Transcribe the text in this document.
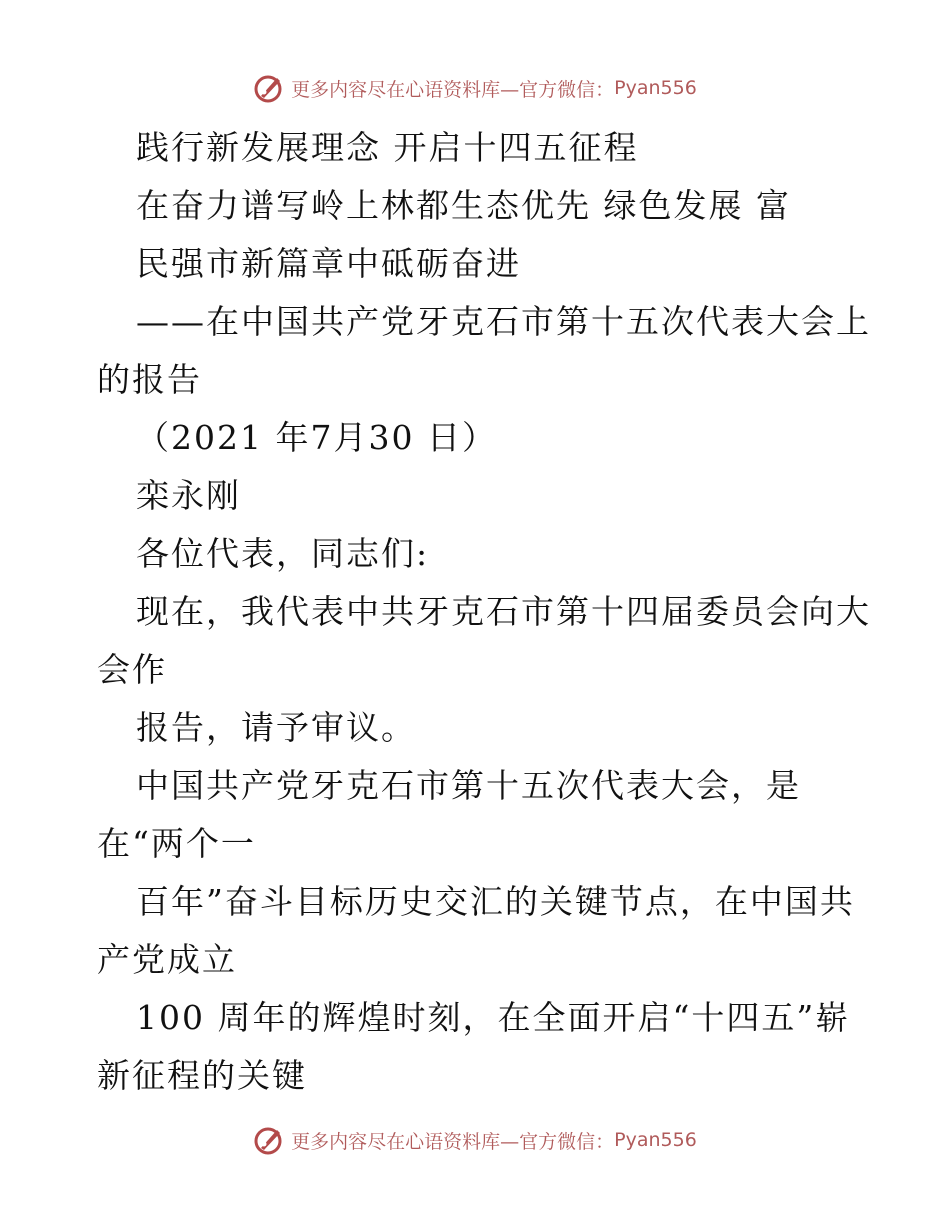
更多内容尽在心语资料库—官方微信： Pyan556
践行新发展理念 开启十四五征程
在奋力谱写岭上林都生态优先 绿色发展 富
民强市新篇章中砥砺奋进
——在中国共产党牙克石市第十五次代表大会上
的报告
（2021 年7月30 日）
栾永刚
各位代表，同志们:
现在，我代表中共牙克石市第十四届委员会向大
会作
报告，请予审议。
中国共产党牙克石市第十五次代表大会，是
在“两个一
百年”奋斗目标历史交汇的关键节点，在中国共
产党成立
100 周年的辉煌时刻，在全面开启“十四五”崭
新征程的关键
更多内容尽在心语资料库—官方微信： Pyan556
